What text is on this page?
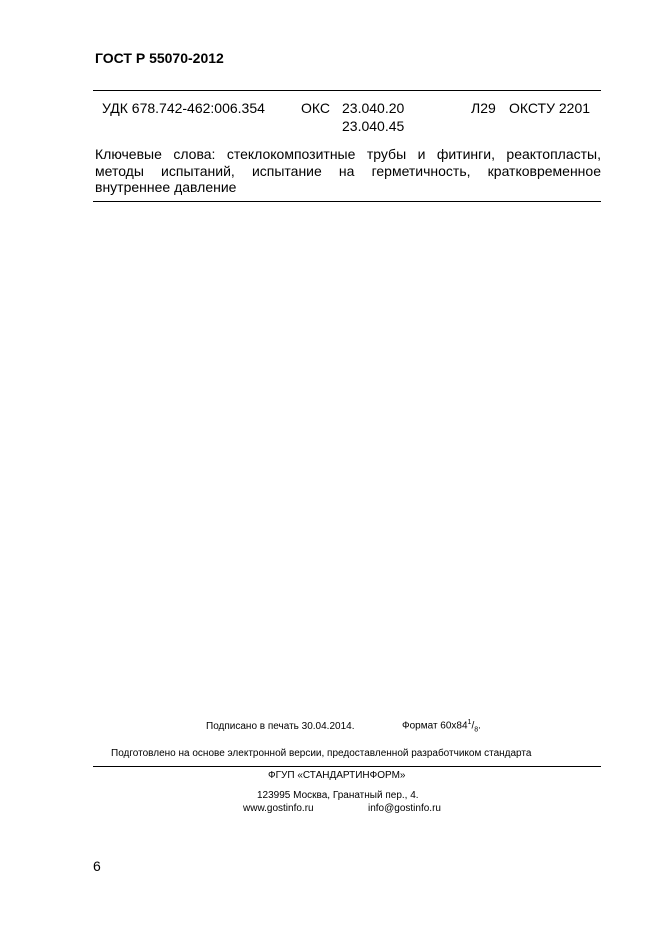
ГОСТ Р 55070-2012
УДК 678.742-462:006.354	ОКС 23.040.20
23.040.45
Л29 ОКСТУ 2201
Ключевые слова: стеклокомпозитные трубы и фитинги, реактопласты, методы испытаний, испытание на герметичность, кратковременное внутреннее давление
Подписано в печать 30.04.2014.	Формат $60х84^1/_8$.
Подготовлено на основе электронной версии, предоставленной разработчиком стандарта
ФГУП «СТАНДАРТИНФОРМ»
123995 Москва, Гранатный пер., 4.
www.gostinfo.ru	info@gostinfo.ru
6
